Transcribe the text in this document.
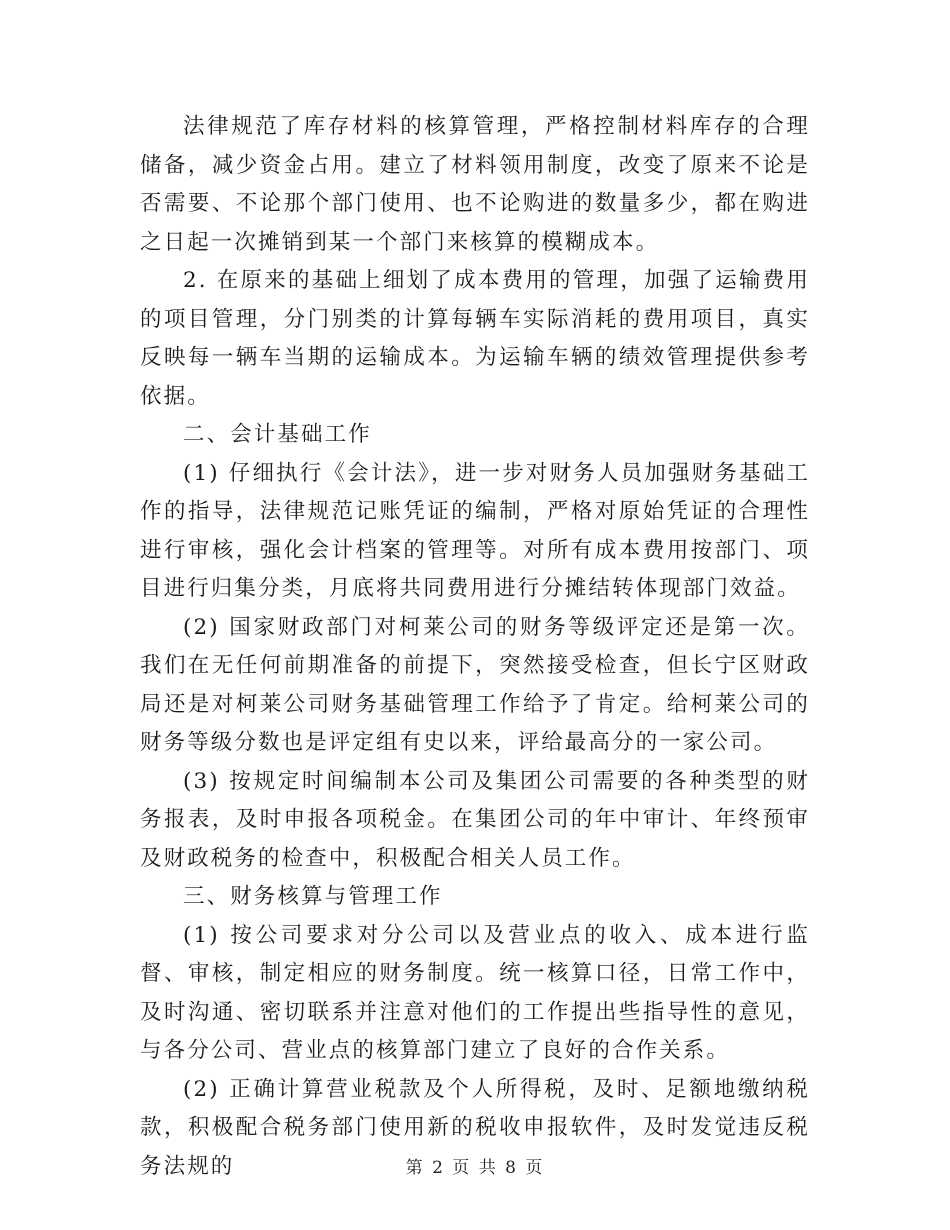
法律规范了库存材料的核算管理，严格控制材料库存的合理储备，减少资金占用。建立了材料领用制度，改变了原来不论是否需要、不论那个部门使用、也不论购进的数量多少，都在购进之日起一次摊销到某一个部门来核算的模糊成本。

2. 在原来的基础上细划了成本费用的管理，加强了运输费用的项目管理，分门别类的计算每辆车实际消耗的费用项目，真实反映每一辆车当期的运输成本。为运输车辆的绩效管理提供参考依据。

二、会计基础工作

(1) 仔细执行《会计法》，进一步对财务人员加强财务基础工作的指导，法律规范记账凭证的编制，严格对原始凭证的合理性进行审核，强化会计档案的管理等。对所有成本费用按部门、项目进行归集分类，月底将共同费用进行分摊结转体现部门效益。

(2) 国家财政部门对柯莱公司的财务等级评定还是第一次。我们在无任何前期准备的前提下，突然接受检查，但长宁区财政局还是对柯莱公司财务基础管理工作给予了肯定。给柯莱公司的财务等级分数也是评定组有史以来，评给最高分的一家公司。

(3) 按规定时间编制本公司及集团公司需要的各种类型的财务报表，及时申报各项税金。在集团公司的年中审计、年终预审及财政税务的检查中，积极配合相关人员工作。

三、财务核算与管理工作

(1) 按公司要求对分公司以及营业点的收入、成本进行监督、审核，制定相应的财务制度。统一核算口径，日常工作中，及时沟通、密切联系并注意对他们的工作提出些指导性的意见，与各分公司、营业点的核算部门建立了良好的合作关系。

(2) 正确计算营业税款及个人所得税，及时、足额地缴纳税款，积极配合税务部门使用新的税收申报软件，及时发觉违反税务法规的	第 2 页 共 8 页
